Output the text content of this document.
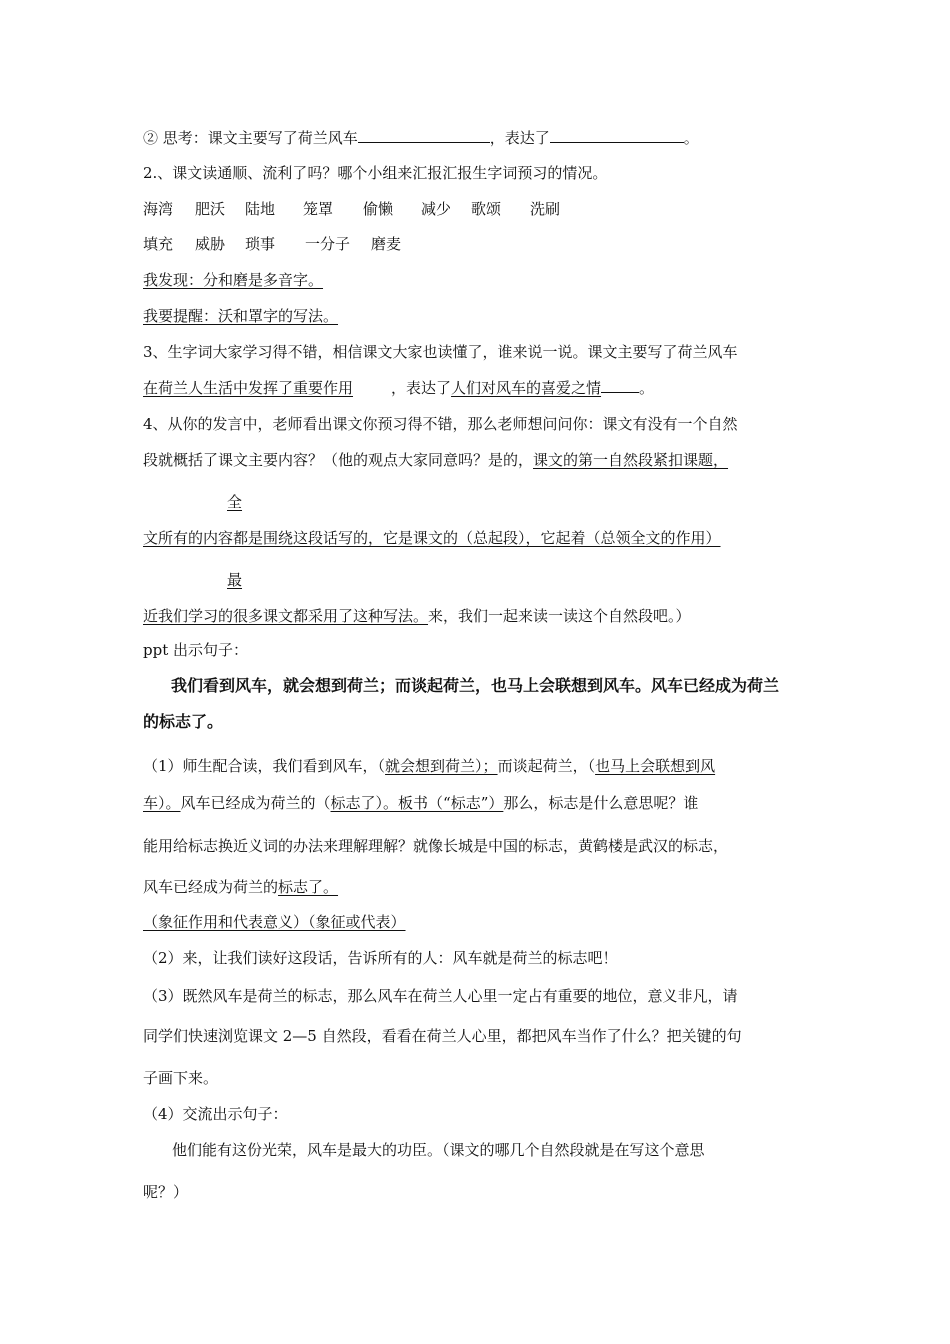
② 思考：课文主要写了荷兰风车	，表达了	。
2.、课文读通顺、流利了吗？哪个小组来汇报汇报生字词预习的情况。
海湾 肥沃 陆地 笼罩 偷懒 减少 歌颂 洗刷
填充 威胁 琐事 一分子 磨麦
我发现：分和磨是多音字。
我要提醒：沃和罩字的写法。
3、生字词大家学习得不错，相信课文大家也读懂了，谁来说一说。课文主要写了荷兰风车
在荷兰人生活中发挥了重要作用	，表达了人们对风车的喜爱之情	。
4、从你的发言中，老师看出课文你预习得不错，那么老师想问问你：课文有没有一个自然
段就概括了课文主要内容？（他的观点大家同意吗？是的，课文的第一自然段紧扣课题，
全
文所有的内容都是围绕这段话写的，它是课文的（总起段），它起着（总领全文的作用）
最
近我们学习的很多课文都采用了这种写法。来，我们一起来读一读这个自然段吧。）
ppt 出示句子：
我们看到风车，就会想到荷兰；而谈起荷兰，也马上会联想到风车。风车已经成为荷兰
的标志了。
（1）师生配合读，我们看到风车，（就会想到荷兰）；而谈起荷兰，（也马上会联想到风
车）。风车已经成为荷兰的（标志了）。板书（“标志”）那么，标志是什么意思呢？谁
能用给标志换近义词的办法来理解理解？就像长城是中国的标志，黄鹤楼是武汉的标志，
风车已经成为荷兰的标志了。
（象征作用和代表意义）（象征或代表）
（2）来，让我们读好这段话，告诉所有的人：风车就是荷兰的标志吧！
（3）既然风车是荷兰的标志，那么风车在荷兰人心里一定占有重要的地位，意义非凡，请
同学们快速浏览课文 2—5 自然段，看看在荷兰人心里，都把风车当作了什么？把关键的句
子画下来。
（4）交流出示句子：
他们能有这份光荣，风车是最大的功臣。（课文的哪几个自然段就是在写这个意思
呢？）
